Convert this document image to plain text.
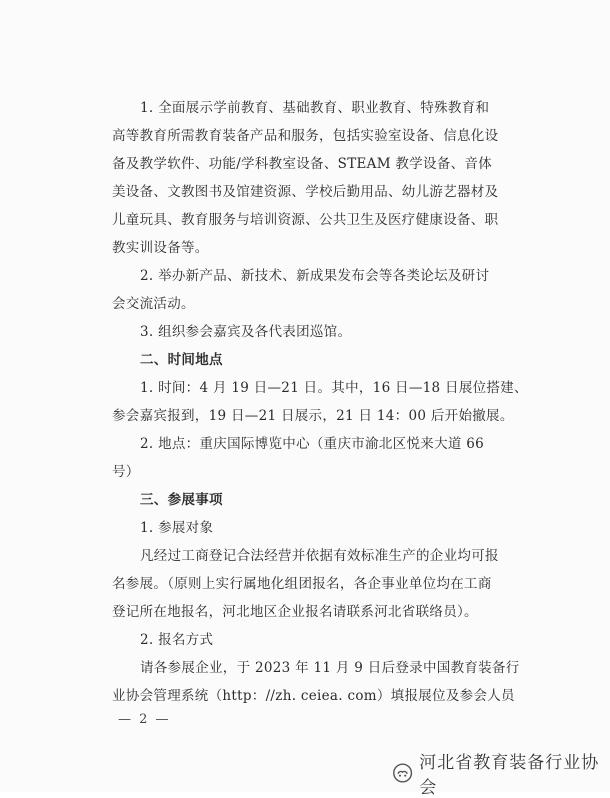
1. 全面展示学前教育、基础教育、职业教育、特殊教育和
高等教育所需教育装备产品和服务，包括实验室设备、信息化设
备及教学软件、功能/学科教室设备、STEAM 教学设备、音体
美设备、文教图书及馆建资源、学校后勤用品、幼儿游艺器材及
儿童玩具、教育服务与培训资源、公共卫生及医疗健康设备、职
教实训设备等。
2. 举办新产品、新技术、新成果发布会等各类论坛及研讨
会交流活动。
3. 组织参会嘉宾及各代表团巡馆。
二、时间地点
1. 时间：4 月 19 日—21 日。其中，16 日—18 日展位搭建、
参会嘉宾报到，19 日—21 日展示，21 日 14：00 后开始撤展。
2. 地点：重庆国际博览中心（重庆市渝北区悦来大道 66
号）
三、参展事项
1. 参展对象
凡经过工商登记合法经营并依据有效标准生产的企业均可报
名参展。（原则上实行属地化组团报名，各企事业单位均在工商
登记所在地报名，河北地区企业报名请联系河北省联络员）。
2. 报名方式
请各参展企业，于 2023 年 11 月 9 日后登录中国教育装备行
业协会管理系统（http：//zh. ceiea. com）填报展位及参会人员
— 2 —
河北省教育装备行业协会
